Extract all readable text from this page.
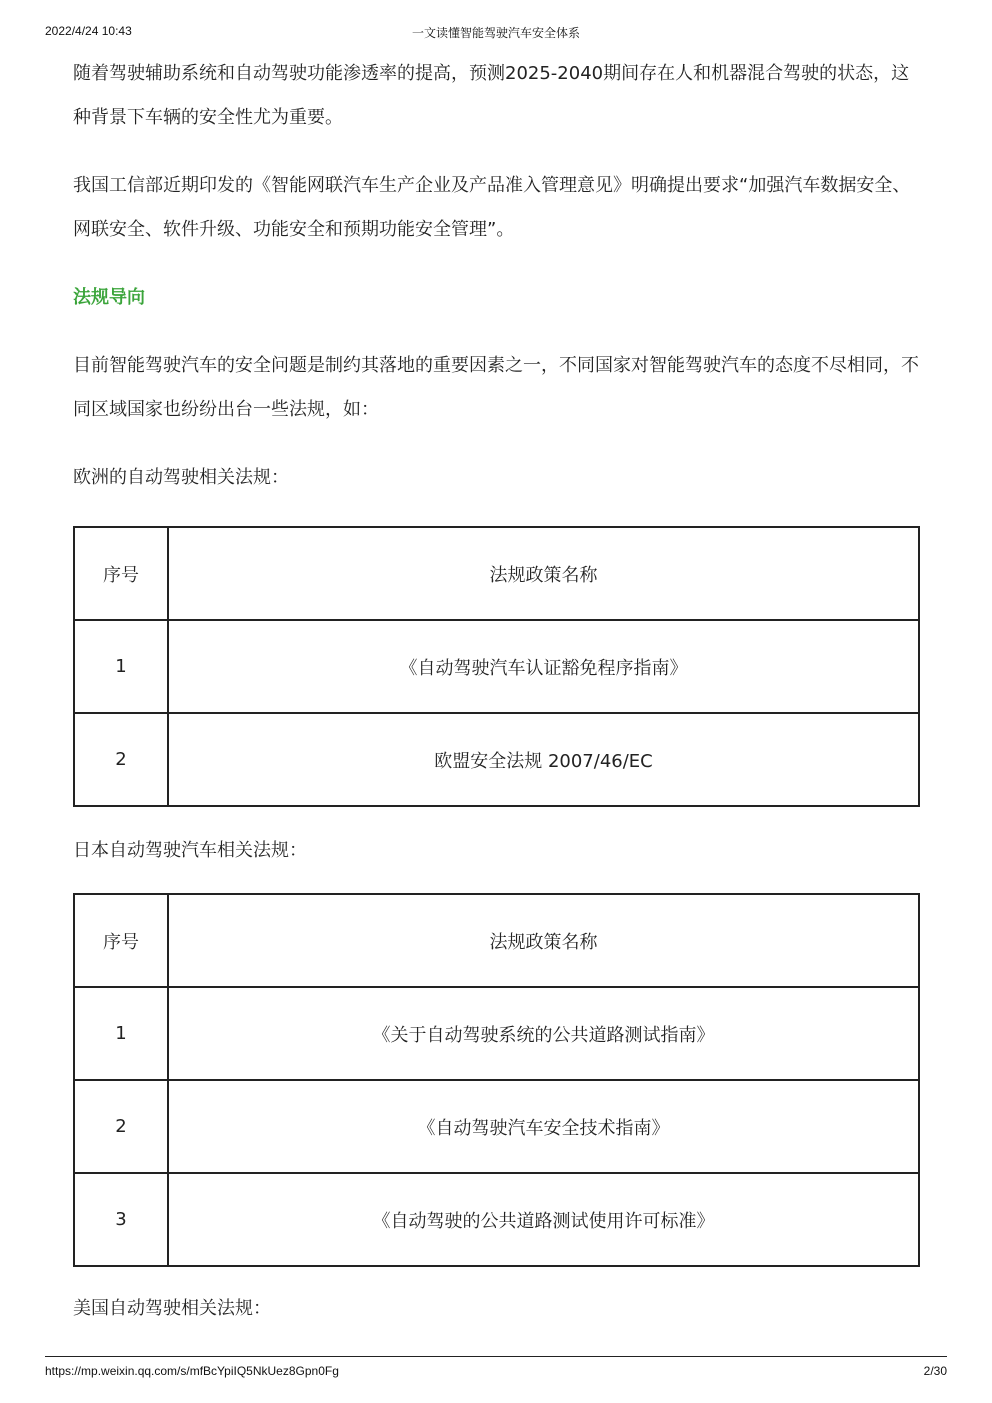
2022/4/24 10:43	一文读懂智能驾驶汽车安全体系

随着驾驶辅助系统和自动驾驶功能渗透率的提高，预测2025-2040期间存在人和机器混合驾驶的状态，这种背景下车辆的安全性尤为重要。

我国工信部近期印发的《智能网联汽车生产企业及产品准入管理意见》明确提出要求“加强汽车数据安全、网联安全、软件升级、功能安全和预期功能安全管理”。

法规导向

目前智能驾驶汽车的安全问题是制约其落地的重要因素之一，不同国家对智能驾驶汽车的态度不尽相同，不同区域国家也纷纷出台一些法规，如：

欧洲的自动驾驶相关法规：

序号	法规政策名称
1	《自动驾驶汽车认证豁免程序指南》
2	欧盟安全法规 2007/46/EC

日本自动驾驶汽车相关法规：

序号	法规政策名称
1	《关于自动驾驶系统的公共道路测试指南》
2	《自动驾驶汽车安全技术指南》
3	《自动驾驶的公共道路测试使用许可标准》

美国自动驾驶相关法规：

https://mp.weixin.qq.com/s/mfBcYpiIQ5NkUez8Gpn0Fg	2/30
